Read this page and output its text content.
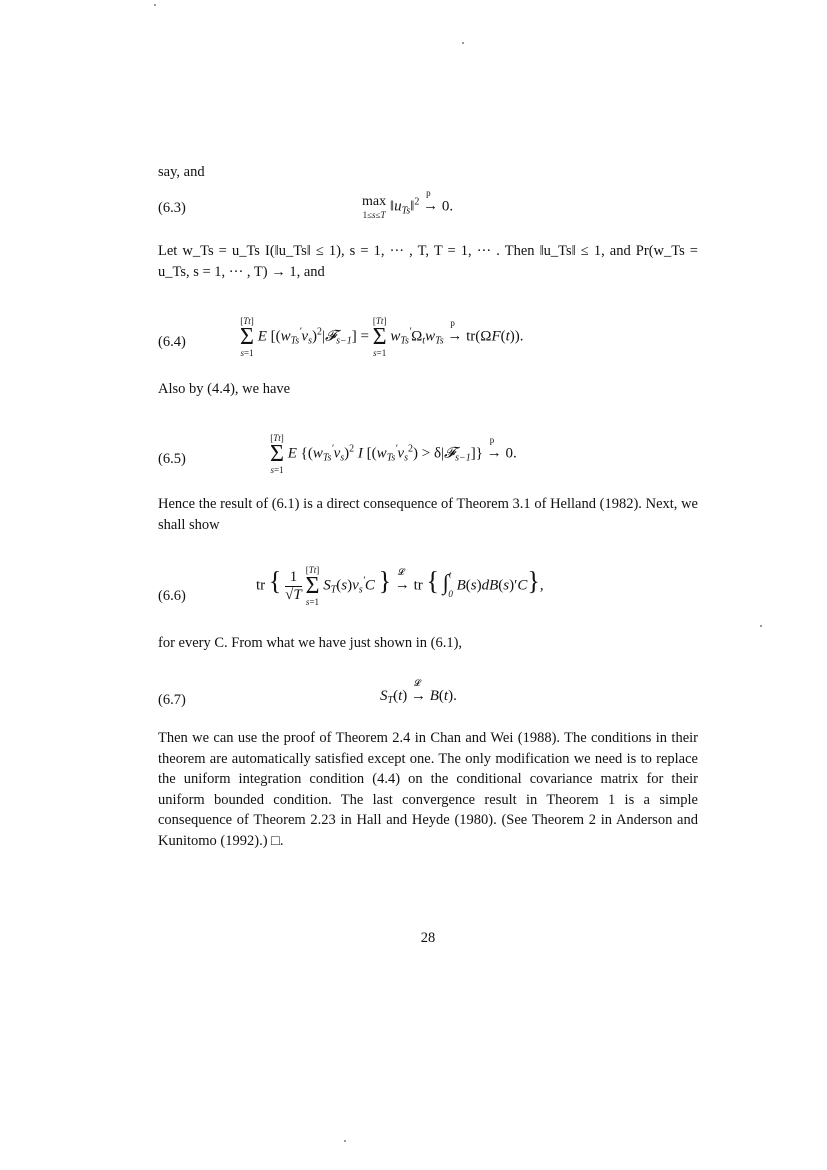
say, and
(6.3)	max
1≤s≤T
$‖u_{Ts}‖^2$
p
→ 0.
Let w_Ts = u_Ts I(‖u_Ts‖ ≤ 1), s = 1, ··· , T, T = 1, ··· . Then ‖u_Ts‖ ≤ 1, and Pr(w_Ts = u_Ts, s = 1, ··· , T) → 1, and
(6.4)
[Tt]
Σ
s=1
E $[(w_{Ts}'v_s)^2|𝓕_{s-1}]$ =
[Tt]
Σ
s=1
$w_{Ts}'\Omega_tw_{Ts}$
p
→ tr(ΩF(t)).
Also by (4.4), we have
(6.5)
[Tt]
Σ
s=1
E {$(w_{Ts}'v_s)^2$ I [$(w_{Ts}'v_s^2)$ > δ|𝓕$_{s-1}$]}
p
→ 0.
Hence the result of (6.1) is a direct consequence of Theorem 3.1 of Helland (1982). Next, we shall show
(6.6)
tr { $\frac{1}{√T}$
[Tt]
Σ
s=1
$S_T(s)v_s'C$ } 𝓛
→ tr { ∫$^t_0$ B(s)dB(s)′C},
for every C. From what we have just shown in (6.1),
(6.7)	$S_T(t)$
𝓛
→ B(t).
Then we can use the proof of Theorem 2.4 in Chan and Wei (1988). The conditions in their theorem are automatically satisfied except one. The only modification we need is to replace the uniform integration condition (4.4) on the conditional covariance matrix for their uniform bounded condition. The last convergence result in Theorem 1 is a simple consequence of Theorem 2.23 in Hall and Heyde (1980). (See Theorem 2 in Anderson and Kunitomo (1992).) □.
28
